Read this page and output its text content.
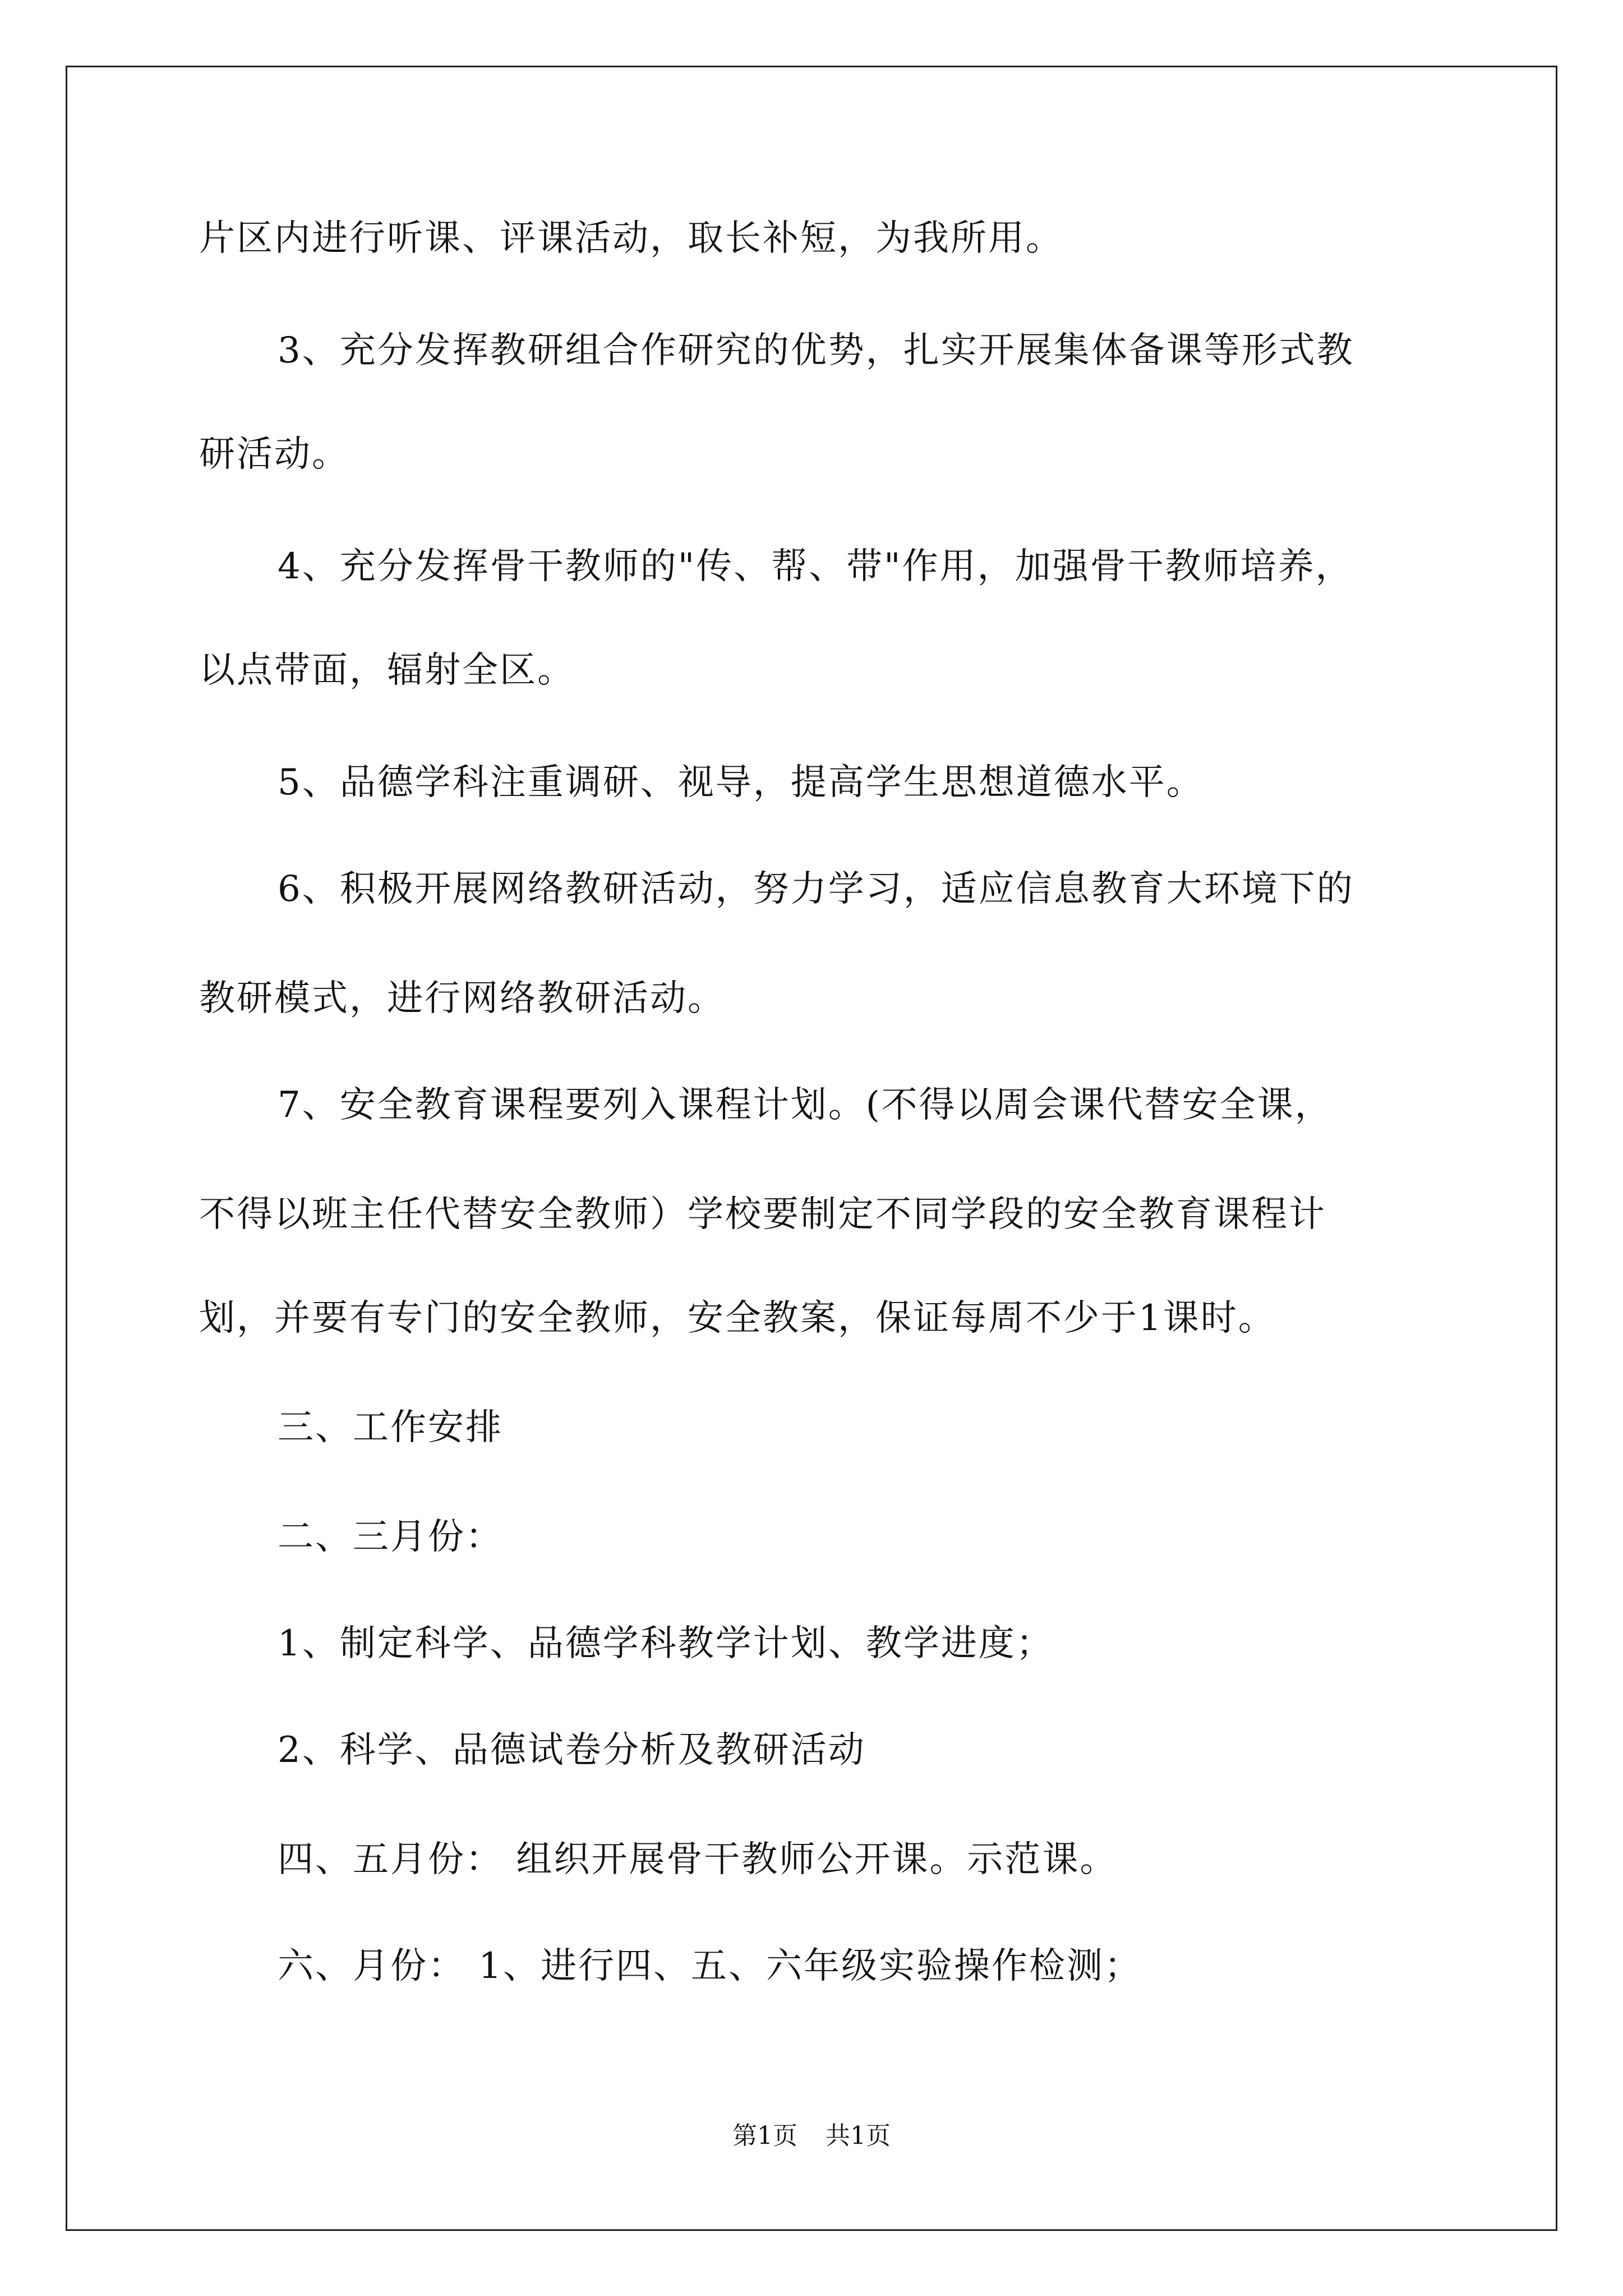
片区内进行听课、评课活动，取长补短，为我所用。
3、充分发挥教研组合作研究的优势，扎实开展集体备课等形式教
研活动。
4、充分发挥骨干教师的"传、帮、带"作用，加强骨干教师培养，
以点带面，辐射全区。
5、品德学科注重调研、视导，提高学生思想道德水平。
6、积极开展网络教研活动，努力学习，适应信息教育大环境下的
教研模式，进行网络教研活动。
7、安全教育课程要列入课程计划。(不得以周会课代替安全课，
不得以班主任代替安全教师）学校要制定不同学段的安全教育课程计
划，并要有专门的安全教师，安全教案，保证每周不少于1课时。
三、工作安排
二、三月份：
1、制定科学、品德学科教学计划、教学进度；
2、科学、品德试卷分析及教研活动
四、五月份： 组织开展骨干教师公开课。示范课。
六、月份： 1、进行四、五、六年级实验操作检测；
第1页 共1页
